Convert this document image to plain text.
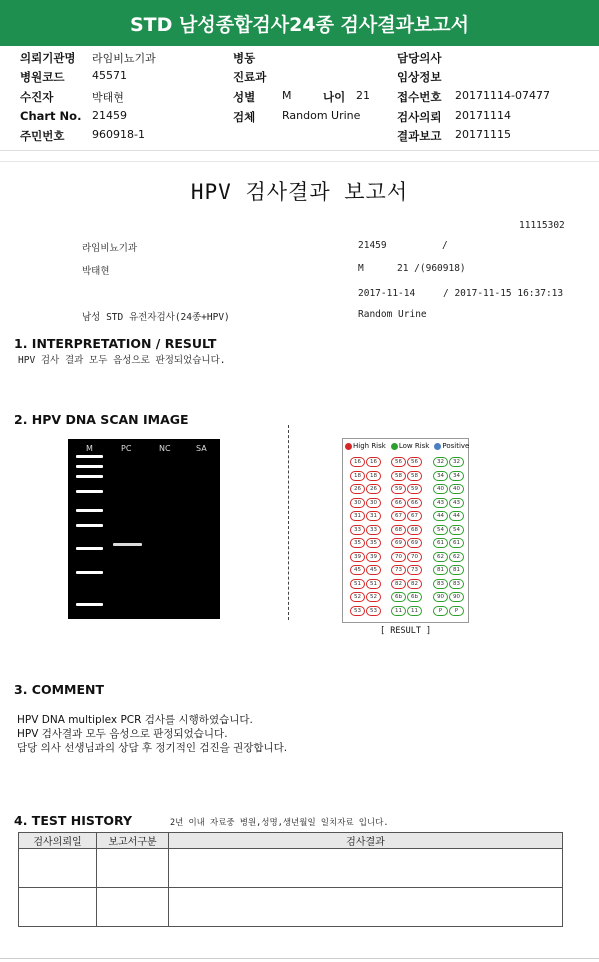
STD 남성종합검사24종 검사결과보고서
의뢰기관명 라임비뇨기과	병동	담당의사
병원코드	45571	진료과	임상정보
수진자	박태현	성별 M	나이 21 접수번호 20171114-07477
Chart No. 21459	검체 Random Urine	검사의뢰 20171114
주민번호	960918-1	결과보고 20171115
HPV 검사결과 보고서
11115302
라임비뇨기과	21459	/
박태현	M	21 /(960918)
2017-11-14	/ 2017-11-15 16:37:13
남성 STD 유전자검사(24종+HPV)	Random Urine
1. INTERPRETATION / RESULT
HPV 검사 결과 모두 음성으로 판정되었습니다.
2. HPV DNA SCAN IMAGE
M	PC	NC	SA	High Risk	Low Risk	Positive
16	16	56	56	32	32
18	18	58	58	34	34
26	26	59	59	40	40
30	30	66	66	43	43
31	31	67	67	44	44
33	33	68	68	54	54
35	35	69	69	61	61
39	39	70	70	62	62
45	45	73	73	81	81
51	51	82	82	83	83
52	52	6b	6b	90	90
53	53	11	11	P	P
[ RESULT ]
3. COMMENT
HPV DNA multiplex PCR 검사를 시행하였습니다.
HPV 검사결과 모두 음성으로 판정되었습니다.
담당 의사 선생님과의 상담 후 정기적인 검진을 권장합니다.
4. TEST HISTORY	2년 이내 자료중 병원,성명,생년월일 일치자료 입니다.
검사의뢰일	보고서구분	검사결과
